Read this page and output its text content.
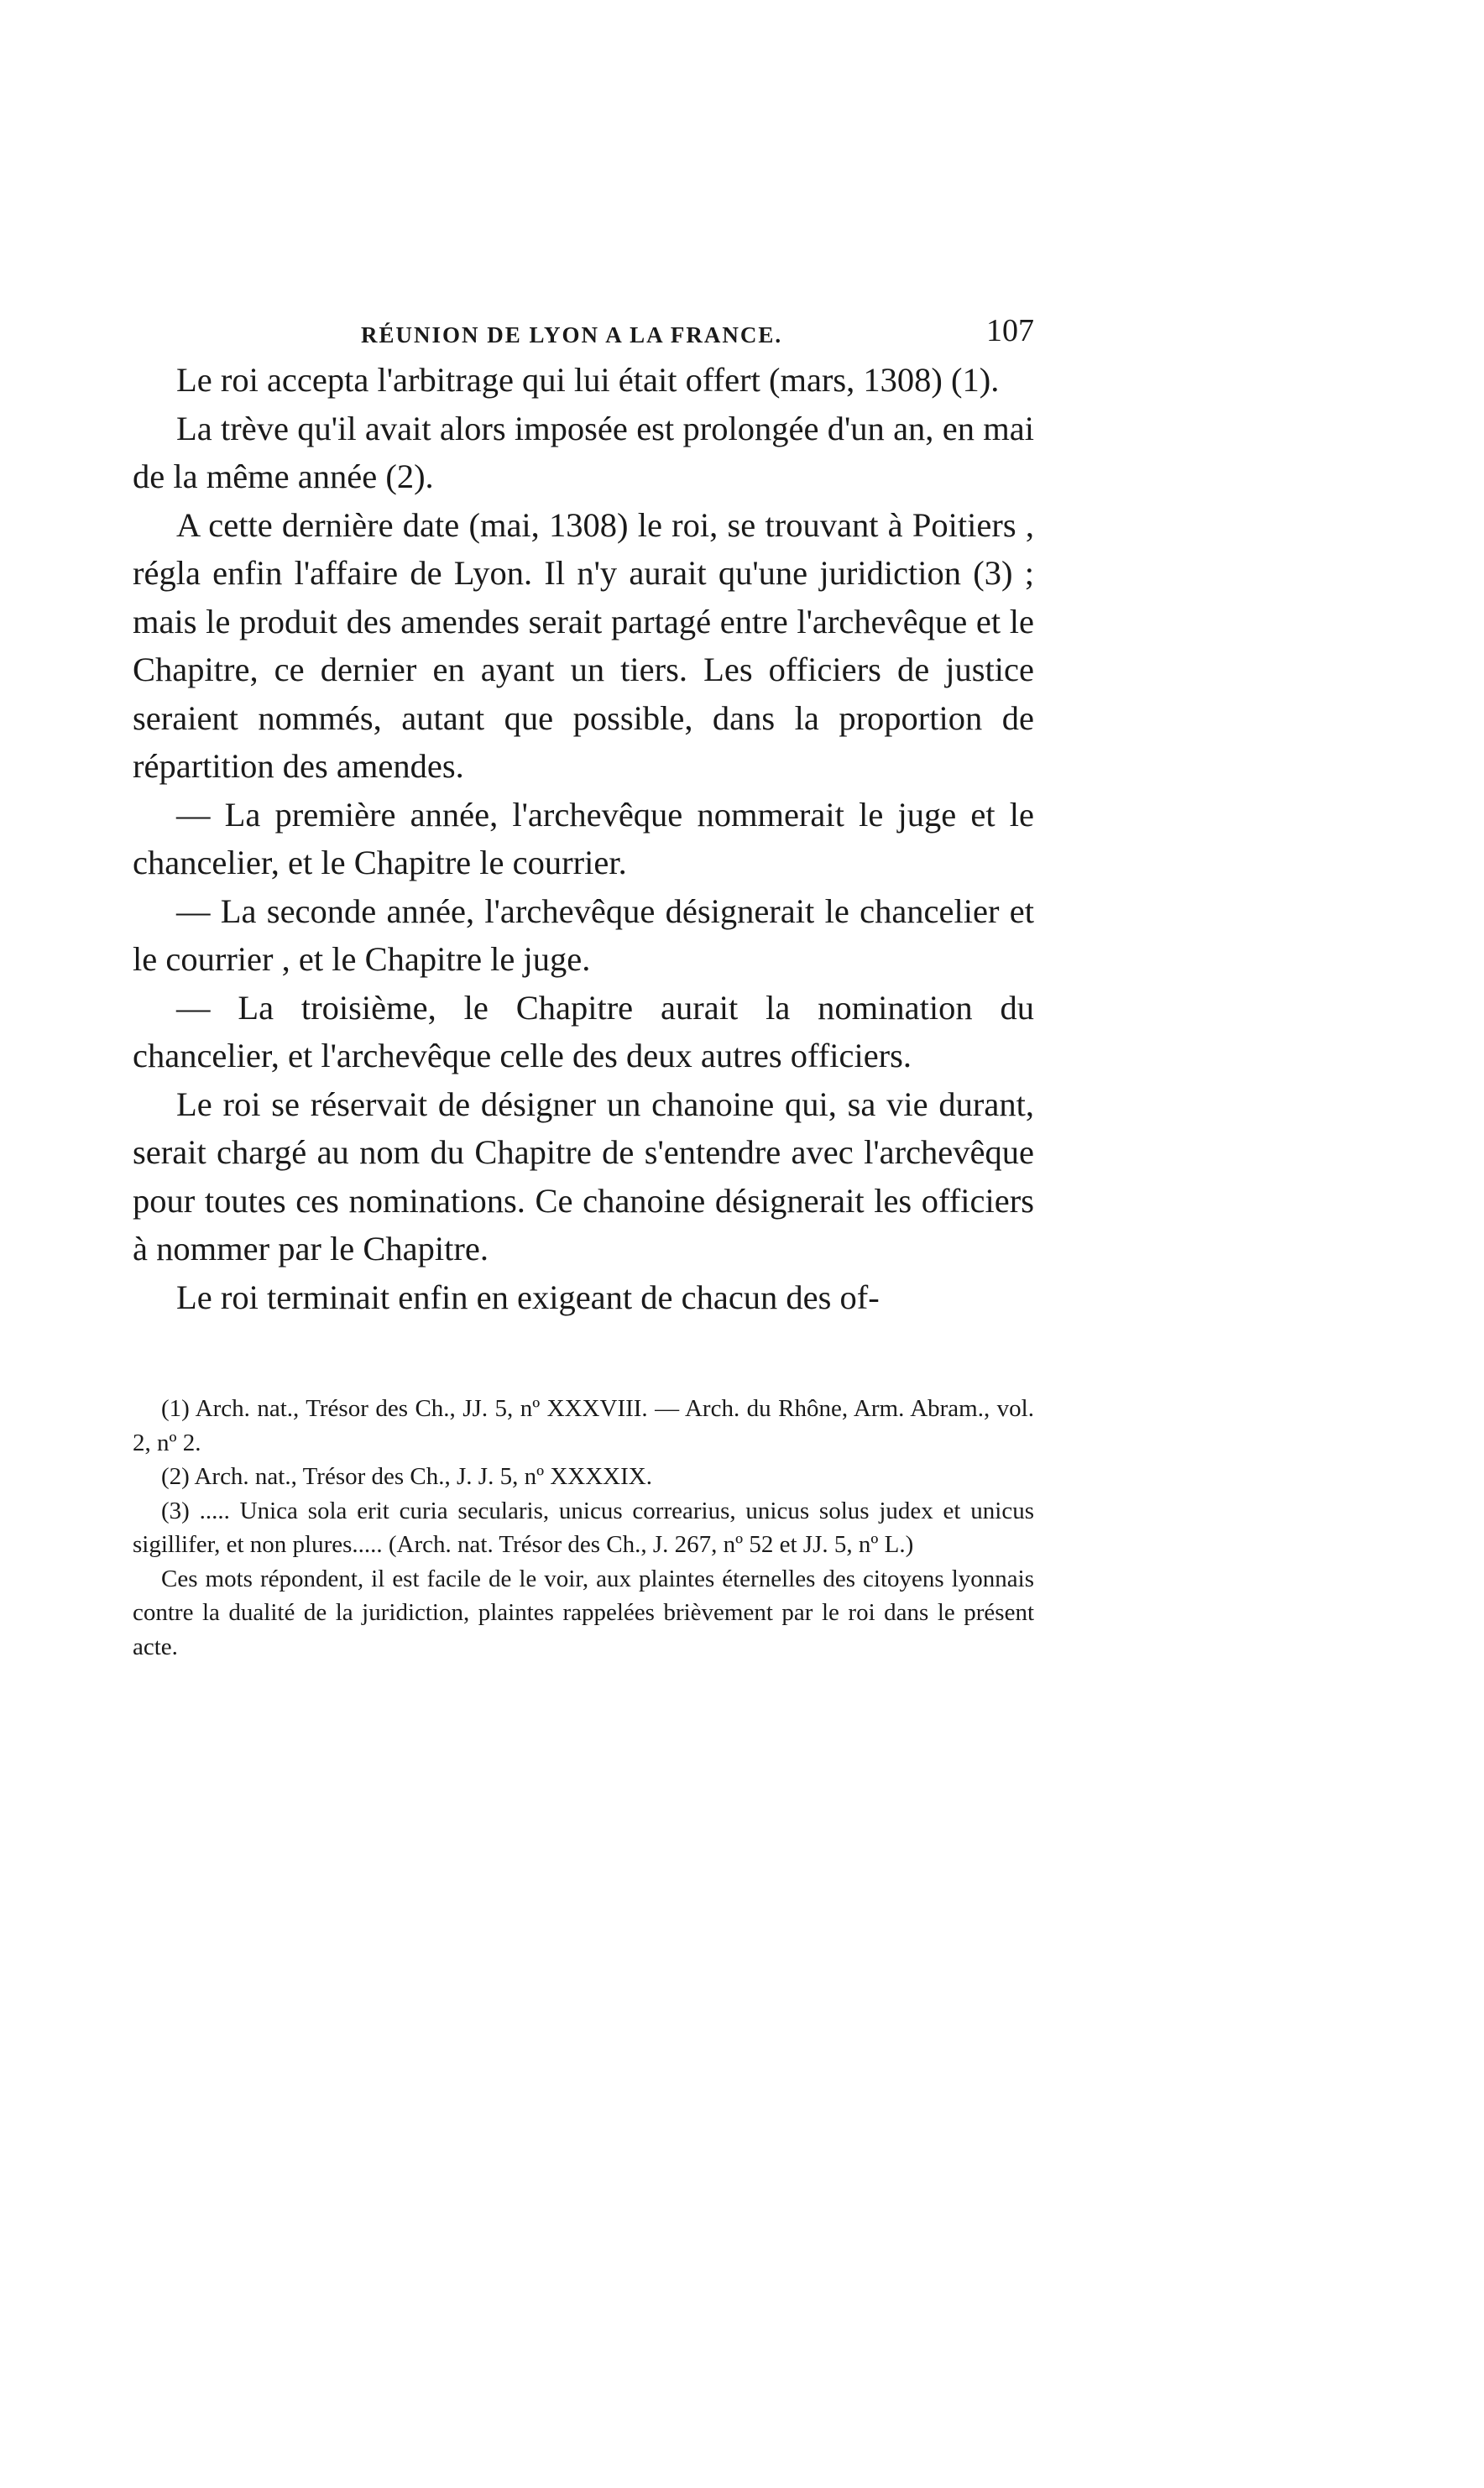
RÉUNION DE LYON A LA FRANCE.	107

Le roi accepta l'arbitrage qui lui était offert (mars, 1308) (1).

La trève qu'il avait alors imposée est prolongée d'un an, en mai de la même année (2).

A cette dernière date (mai, 1308) le roi, se trouvant à Poitiers , régla enfin l'affaire de Lyon. Il n'y aurait qu'une juridiction (3) ; mais le produit des amendes serait partagé entre l'archevêque et le Chapitre, ce dernier en ayant un tiers. Les officiers de justice seraient nommés, autant que possible, dans la proportion de répartition des amendes.

— La première année, l'archevêque nommerait le juge et le chancelier, et le Chapitre le courrier.

— La seconde année, l'archevêque désignerait le chancelier et le courrier , et le Chapitre le juge.

— La troisième, le Chapitre aurait la nomination du chancelier, et l'archevêque celle des deux autres officiers.

Le roi se réservait de désigner un chanoine qui, sa vie durant, serait chargé au nom du Chapitre de s'entendre avec l'archevêque pour toutes ces nominations. Ce chanoine désignerait les officiers à nommer par le Chapitre.

Le roi terminait enfin en exigeant de chacun des of-

(1) Arch. nat., Trésor des Ch., JJ. 5, nº XXXVIII. — Arch. du Rhône, Arm. Abram., vol. 2, nº 2.

(2) Arch. nat., Trésor des Ch., J. J. 5, nº XXXXIX.

(3) ..... Unica sola erit curia secularis, unicus correarius, unicus solus judex et unicus sigillifer, et non plures..... (Arch. nat. Trésor des Ch., J. 267, nº 52 et JJ. 5, nº L.)

Ces mots répondent, il est facile de le voir, aux plaintes éternelles des citoyens lyonnais contre la dualité de la juridiction, plaintes rappelées brièvement par le roi dans le présent acte.
